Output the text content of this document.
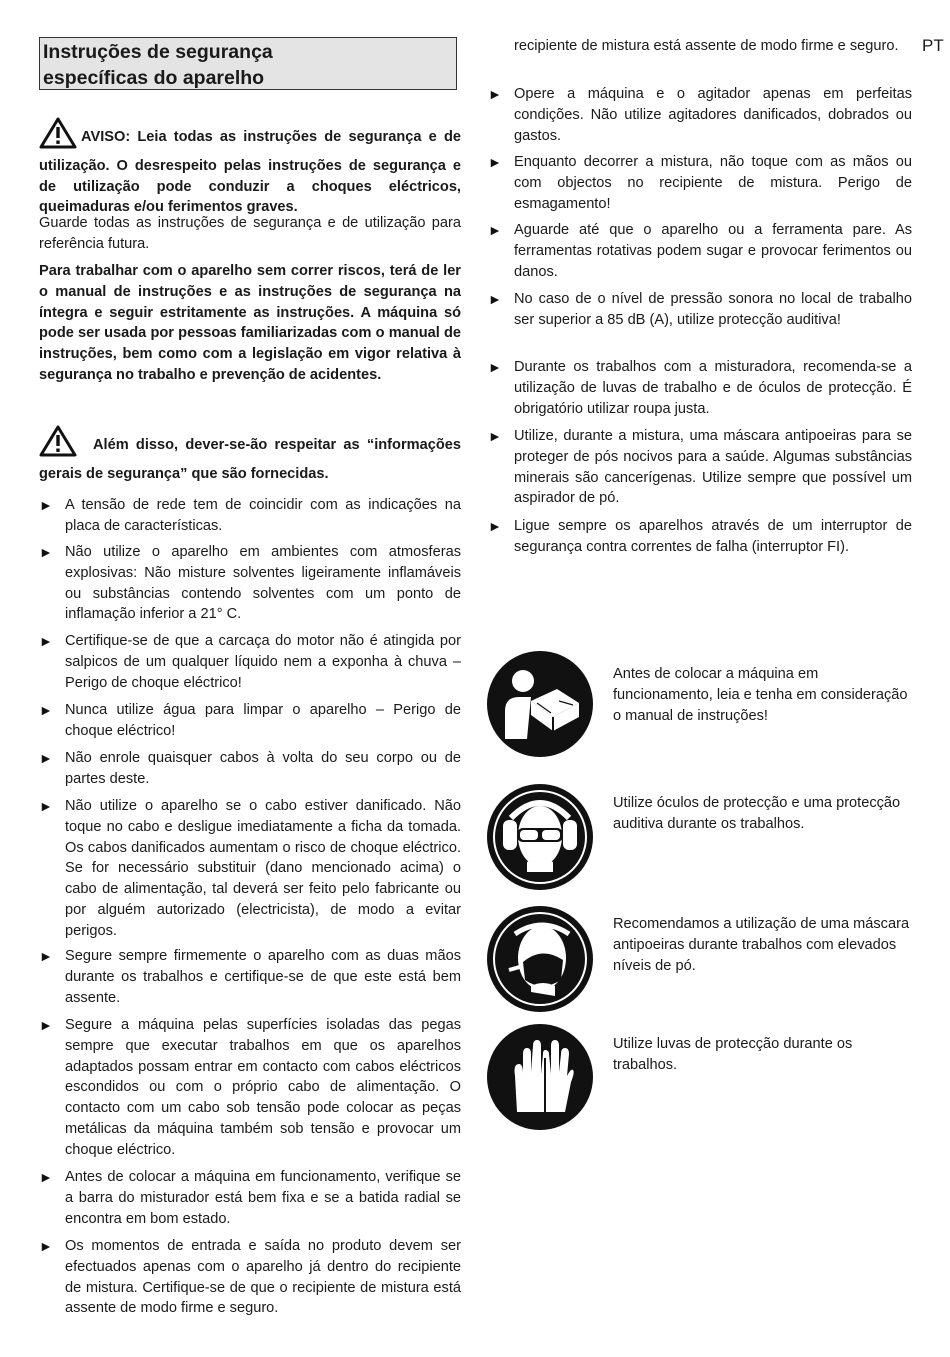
PT
Instruções de segurança
específicas do aparelho
AVISO: Leia todas as instruções de segurança e de utilização. O desrespeito pelas instruções de segurança e de utilização pode conduzir a choques eléctricos, queimaduras e/ou ferimentos graves.
Guarde todas as instruções de segurança e de utilização para referência futura.
Para trabalhar com o aparelho sem correr riscos, terá de ler o manual de instruções e as instruções de segurança na íntegra e seguir estritamente as instruções. A máquina só pode ser usada por pessoas familiarizadas com o manual de instruções, bem como com a legislação em vigor relativa à segurança no trabalho e prevenção de acidentes.
Além disso, dever-se-ão respeitar as “informações gerais de segurança” que são fornecidas.
► A tensão de rede tem de coincidir com as indicações na placa de características.
► Não utilize o aparelho em ambientes com atmosferas explosivas: Não misture solventes ligeiramente inflamáveis ou substâncias contendo solventes com um ponto de inflamação inferior a 21° C.
► Certifique-se de que a carcaça do motor não é atingida por salpicos de um qualquer líquido nem a exponha à chuva – Perigo de choque eléctrico!
► Nunca utilize água para limpar o aparelho – Perigo de choque eléctrico!
► Não enrole quaisquer cabos à volta do seu corpo ou de partes deste.
► Não utilize o aparelho se o cabo estiver danificado. Não toque no cabo e desligue imediatamente a ficha da tomada. Os cabos danificados aumentam o risco de choque eléctrico. Se for necessário substituir (dano mencionado acima) o cabo de alimentação, tal deverá ser feito pelo fabricante ou por alguém autorizado (electricista), de modo a evitar perigos.
► Segure sempre firmemente o aparelho com as duas mãos durante os trabalhos e certifique-se de que este está bem assente.
► Segure a máquina pelas superfícies isoladas das pegas sempre que executar trabalhos em que os aparelhos adaptados possam entrar em contacto com cabos eléctricos escondidos ou com o próprio cabo de alimentação. O contacto com um cabo sob tensão pode colocar as peças metálicas da máquina também sob tensão e provocar um choque eléctrico.
► Antes de colocar a máquina em funcionamento, verifique se a barra do misturador está bem fixa e se a batida radial se encontra em bom estado.
► Os momentos de entrada e saída no produto devem ser efectuados apenas com o aparelho já dentro do recipiente de mistura. Certifique-se de que o recipiente de mistura está assente de modo firme e seguro.
recipiente de mistura está assente de modo firme e seguro.
► Opere a máquina e o agitador apenas em perfeitas condições. Não utilize agitadores danificados, dobrados ou gastos.
► Enquanto decorrer a mistura, não toque com as mãos ou com objectos no recipiente de mistura. Perigo de esmagamento!
► Aguarde até que o aparelho ou a ferramenta pare. As ferramentas rotativas podem sugar e provocar ferimentos ou danos.
► No caso de o nível de pressão sonora no local de trabalho ser superior a 85 dB (A), utilize protecção auditiva!
► Durante os trabalhos com a misturadora, recomenda-se a utilização de luvas de trabalho e de óculos de protecção. É obrigatório utilizar roupa justa.
► Utilize, durante a mistura, uma máscara antipoeiras para se proteger de pós nocivos para a saúde. Algumas substâncias minerais são cancerígenas. Utilize sempre que possível um aspirador de pó.
► Ligue sempre os aparelhos através de um interruptor de segurança contra correntes de falha (interruptor FI).
Antes de colocar a máquina em funcionamento, leia e tenha em consideração o manual de instruções!
Utilize óculos de protecção e uma protecção auditiva durante os trabalhos.
Recomendamos a utilização de uma máscara antipoeiras durante trabalhos com elevados níveis de pó.
Utilize luvas de protecção durante os trabalhos.
